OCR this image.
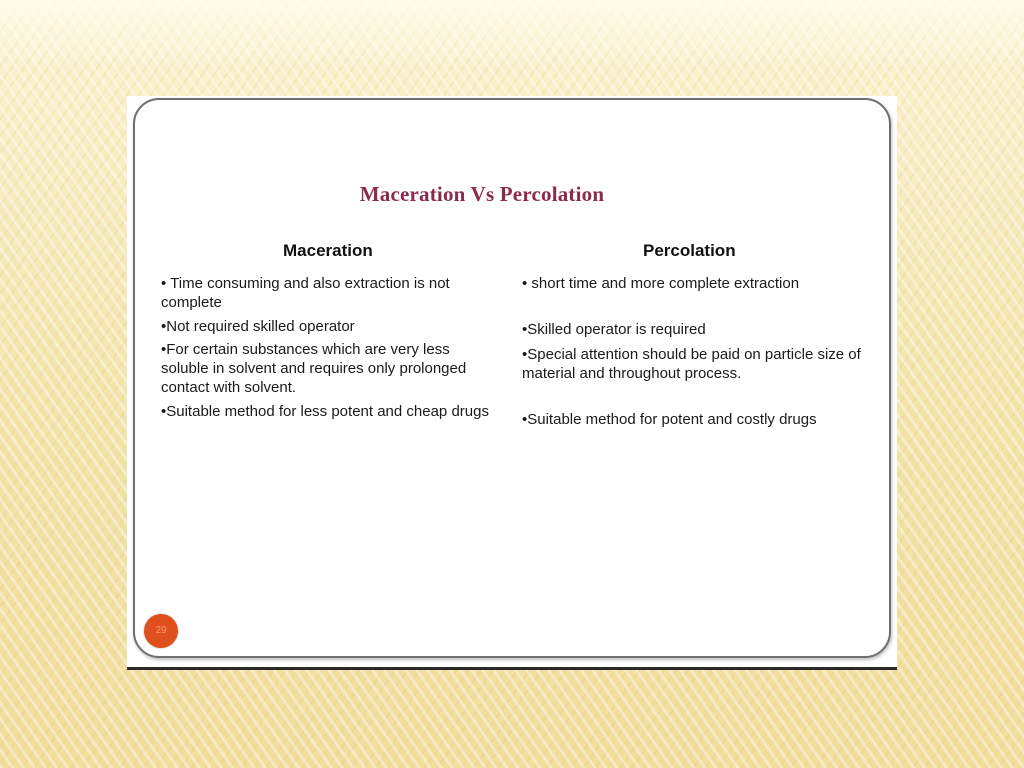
Maceration Vs Percolation
Maceration	Percolation

• Time consuming and also extraction is not complete

•Not required skilled operator

•For certain substances which are very less soluble in solvent and requires only prolonged contact with solvent.

•Suitable method for less potent and cheap drugs

• short time and more complete extraction

•Skilled operator is required

•Special attention should be paid on particle size of material and throughout process.

•Suitable method for potent and costly drugs

29
